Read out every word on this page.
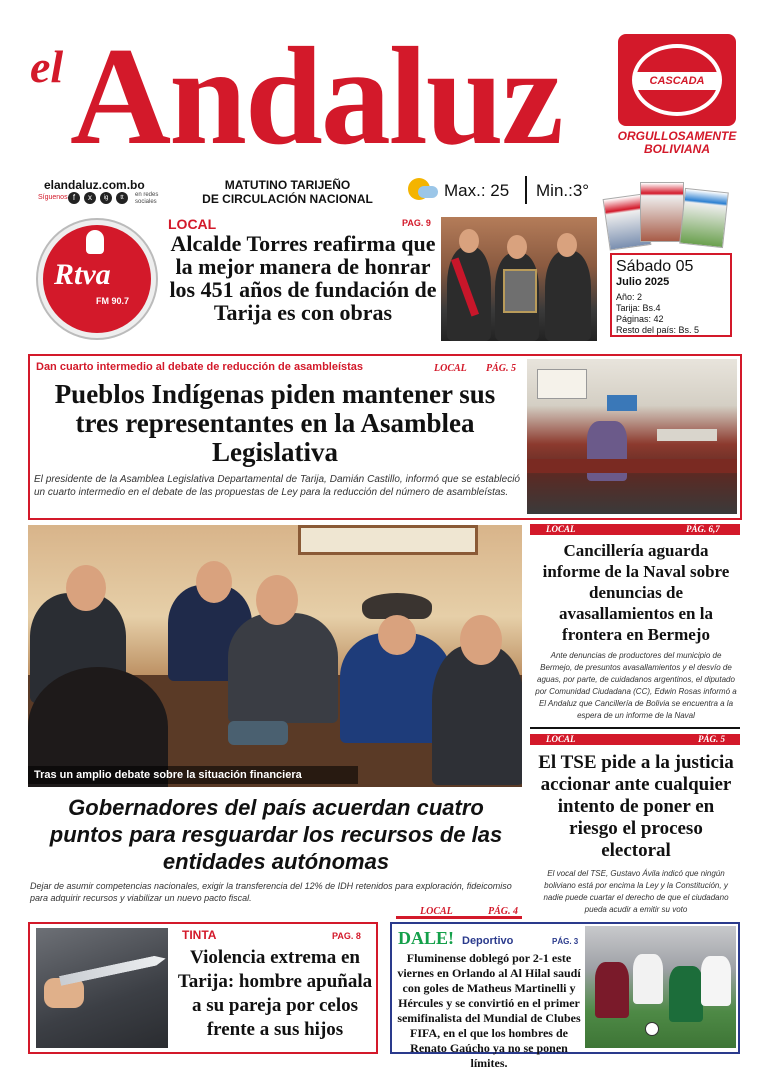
el Andaluz	CASCADA
ORGULLOSAMENTE
BOLIVIANA
elandaluz.com.bo
Síguenos f	x	ig	tt	en redes sociales
MATUTINO TARIJEÑO
DE CIRCULACIÓN NACIONAL	Max.: 25 Min.:3°
Sábado 05
Julio 2025
Año: 2
Tarija: Bs.4
Páginas: 42
Resto del país: Bs. 5
Rtva
FM 90.7
LOCAL	PAG. 9
Alcalde Torres reafirma que la mejor manera de honrar los 451 años de fundación de Tarija es con obras
Dan cuarto intermedio al debate de reducción de asambleístas	LOCAL PÁG. 5
Pueblos Indígenas piden mantener sus tres representantes en la Asamblea Legislativa
El presidente de la Asamblea Legislativa Departamental de Tarija, Damián Castillo, informó que se estableció un cuarto intermedio en el debate de las propuestas de Ley para la reducción del número de asambleístas.
Tras un amplio debate sobre la situación financiera
Gobernadores del país acuerdan cuatro puntos para resguardar los recursos de las entidades autónomas
Dejar de asumir competencias nacionales, exigir la transferencia del 12% de IDH retenidos para exploración, fideicomiso para adquirir recursos y viabilizar un nuevo pacto fiscal.
LOCAL	PÁG. 4
LOCAL	PÁG. 6,7
Cancillería aguarda informe de la Naval sobre denuncias de avasallamientos en la frontera en Bermejo
Ante denuncias de productores del municipio de Bermejo, de presuntos avasallamientos y el desvío de aguas, por parte, de cuidadanos argentinos, el diputado por Comunidad Ciudadana (CC), Edwin Rosas informó a El Andaluz que Cancillería de Bolivia se encuentra a la espera de un informe de la Naval
LOCAL	PÁG. 5
El TSE pide a la justicia accionar ante cualquier intento de poner en riesgo el proceso electoral
El vocal del TSE, Gustavo Ávila indicó que ningún boliviano está por encima la Ley y la Constitución, y nadie puede cuartar el derecho de que el ciudadano pueda acudir a emitir su voto
TINTA	PAG. 8
Violencia extrema en Tarija: hombre apuñala a su pareja por celos frente a sus hijos
DALE! Deportivo	PÁG. 3
Fluminense doblegó por 2-1 este viernes en Orlando al Al Hilal saudí con goles de Matheus Martinelli y Hércules y se convirtió en el primer semifinalista del Mundial de Clubes FIFA, en el que los hombres de Renato Gaúcho ya no se ponen límites.
